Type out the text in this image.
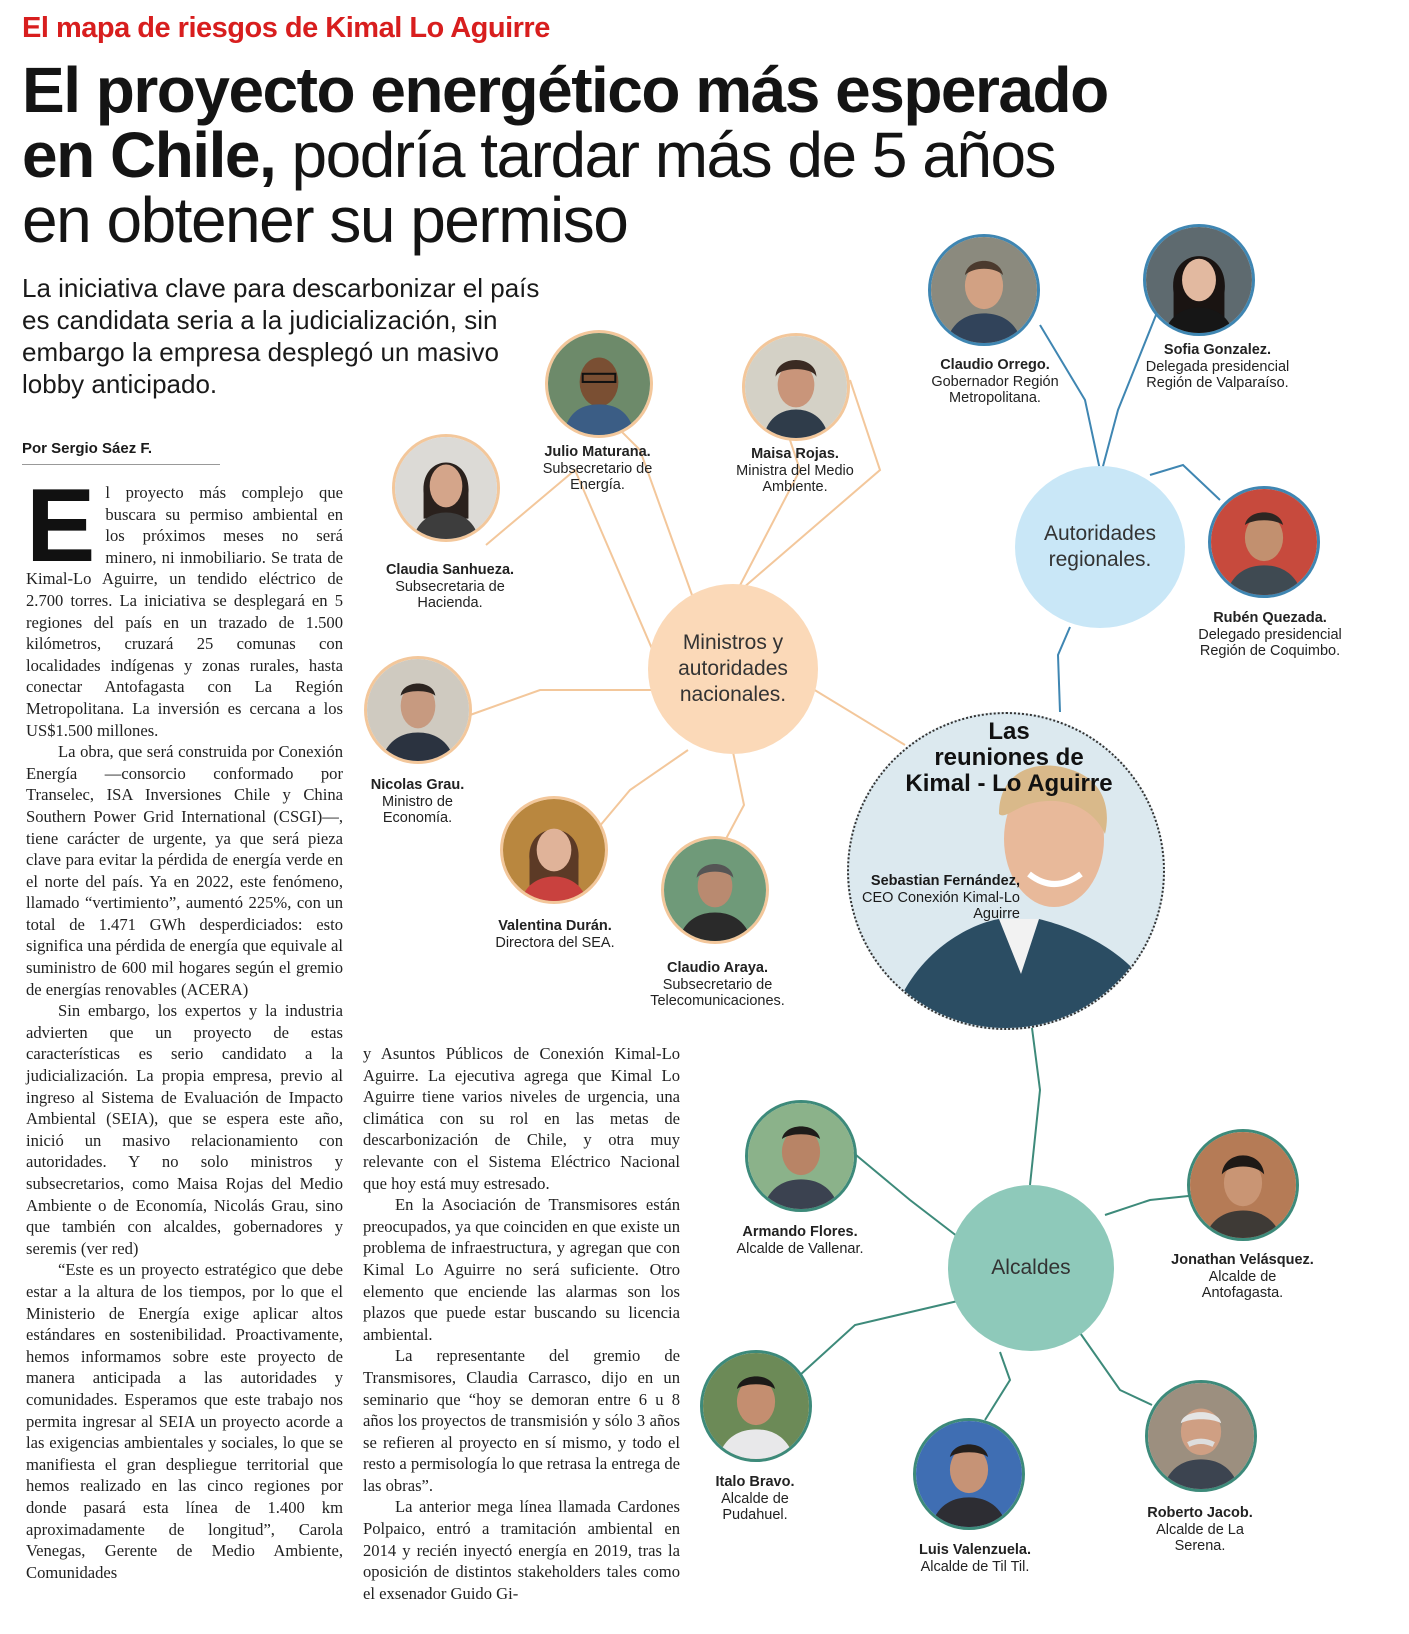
El mapa de riesgos de Kimal Lo Aguirre
El proyecto energético más esperado
en Chile, podría tardar más de 5 años en obtener su permiso
La iniciativa clave para descarbonizar el país es candidata seria a la judicialización, sin embargo la empresa desplegó un masivo lobby anticipado.
Por Sergio Sáez F.

El proyecto más complejo que buscara su permiso ambiental en los próximos meses no será minero, ni inmobiliario. Se trata de Kimal-Lo Aguirre, un tendido eléctrico de 2.700 torres. La iniciativa se desplegará en 5 regiones del país en un trazado de 1.500 kilómetros, cruzará 25 comunas con localidades indígenas y zonas rurales, hasta conectar Antofagasta con La Región Metropolitana. La inversión es cercana a los US$1.500 millones.

La obra, que será construida por Conexión Energía —consorcio conformado por Transelec, ISA Inversiones Chile y China Southern Power Grid International (CSGI)—, tiene carácter de urgente, ya que será pieza clave para evitar la pérdida de energía verde en el norte del país. Ya en 2022, este fenómeno, llamado “vertimiento”, aumentó 225%, con un total de 1.471 GWh desperdiciados: esto significa una pérdida de energía que equivale al suministro de 600 mil hogares según el gremio de energías renovables (ACERA)

Sin embargo, los expertos y la industria advierten que un proyecto de estas características es serio candidato a la judicialización. La propia empresa, previo al ingreso al Sistema de Evaluación de Impacto Ambiental (SEIA), que se espera este año, inició un masivo relacionamiento con autoridades. Y no solo ministros y subsecretarios, como Maisa Rojas del Medio Ambiente o de Economía, Nicolás Grau, sino que también con alcaldes, gobernadores y seremis (ver red)

“Este es un proyecto estratégico que debe estar a la altura de los tiempos, por lo que el Ministerio de Energía exige aplicar altos estándares en sostenibilidad. Proactivamente, hemos informamos sobre este proyecto de manera anticipada a las autoridades y comunidades. Esperamos que este trabajo nos permita ingresar al SEIA un proyecto acorde a las exigencias ambientales y sociales, lo que se manifiesta el gran despliegue territorial que hemos realizado en las cinco regiones por donde pasará esta línea de 1.400 km aproximadamente de longitud”, Carola Venegas, Gerente de Medio Ambiente, Comunidades

y Asuntos Públicos de Conexión Kimal-Lo Aguirre. La ejecutiva agrega que Kimal Lo Aguirre tiene varios niveles de urgencia, una climática con su rol en las metas de descarbonización de Chile, y otra muy relevante con el Sistema Eléctrico Nacional que hoy está muy estresado.

En la Asociación de Transmisores están preocupados, ya que coinciden en que existe un problema de infraestructura, y agregan que con Kimal Lo Aguirre no será suficiente. Otro elemento que enciende las alarmas son los plazos que puede estar buscando su licencia ambiental.

La representante del gremio de Transmisores, Claudia Carrasco, dijo en un seminario que “hoy se demoran entre 6 u 8 años los proyectos de transmisión y sólo 3 años se refieren al proyecto en sí mismo, y todo el resto a permisología lo que retrasa la entrega de las obras”.

La anterior mega línea llamada Cardones Polpaico, entró a tramitación ambiental en 2014 y recién inyectó energía en 2019, tras la oposición de distintos stakeholders tales como el exsenador Guido Gi-

Ministros y autoridades nacionales.
Autoridades regionales.
Alcaldes
Las
reuniones de
Kimal - Lo Aguirre
Sebastian Fernández,
CEO Conexión Kimal-Lo Aguirre
Julio Maturana.
Subsecretario de Energía.
Maisa Rojas.
Ministra del Medio Ambiente.
Claudia Sanhueza.
Subsecretaria de Hacienda.
Nicolas Grau.
Ministro de Economía.
Valentina Durán.
Directora del SEA.
Claudio Araya.
Subsecretario de Telecomunicaciones.
Claudio Orrego.
Gobernador Región Metropolitana.
Sofia Gonzalez.
Delegada presidencial Región de Valparaíso.
Rubén Quezada.
Delegado presidencial Región de Coquimbo.
Armando Flores.
Alcalde de Vallenar.
Jonathan Velásquez.
Alcalde de Antofagasta.
Italo Bravo.
Alcalde de Pudahuel.
Luis Valenzuela.
Alcalde de Til Til.
Roberto Jacob.
Alcalde de La Serena.
